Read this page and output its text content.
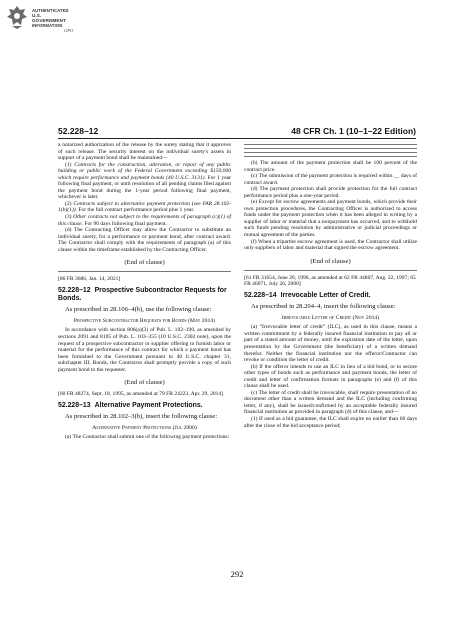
AUTHENTICATED
U.S. GOVERNMENT
INFORMATION
GPO
52.228–12	48 CFR Ch. 1 (10–1–22 Edition)

a notarized authorization of the release by the surety stating that it approves of such release. The security interest on the individual surety's assets in support of a payment bond shall be maintained—

(1) Contracts for the construction, alteration, or repair of any public building or public work of the Federal Government exceeding $150,000 which require performance and payment bonds (40 U.S.C. 3131). For 1 year following final payment, or until resolution of all pending claims filed against the payment bond during the 1-year period following final payment, whichever is later.

(2) Contracts subject to alternative payment protection (see FAR 28.102-1(b)(1)). For the full contract performance period plus 1 year.

(3) Other contracts not subject to the requirements of paragraph (c)(1) of this clause. For 90 days following final payment.

(d) The Contracting Officer may allow the Contractor to substitute an individual surety, for a performance or payment bond, after contract award. The Contractor shall comply with the requirements of paragraph (a) of this clause within the timeframe established by the Contracting Officer.

(End of clause)

[86 FR 3686, Jan. 14, 2021]

52.228–12 Prospective Subcontractor Requests for Bonds.

As prescribed in 28.106–4(b), use the following clause:

Prospective Subcontractor Requests for Bonds (May 2014)

In accordance with section 806(a)(3) of Pub. L. 102–190, as amended by sections 2091 and 8105 of Pub. L. 103–355 (10 U.S.C. 2302 note), upon the request of a prospective subcontractor or supplier offering to furnish labor or material for the performance of this contract for which a payment bond has been furnished to the Government pursuant to 40 U.S.C. chapter 31, subchapter III, Bonds, the Contractor shall promptly provide a copy of such payment bond to the requester.

(End of clause)

[60 FR 48274, Sept. 18, 1995, as amended at 79 FR 24223, Apr. 29, 2014]

52.228–13 Alternative Payment Protections.

As prescribed in 28.102–3(b), insert the following clause:

Alternative Payment Protections (Jul 2000)

(a) The Contractor shall submit one of the following payment protections:

(b) The amount of the payment protection shall be 100 percent of the contract price.

(c) The submission of the payment protection is required within __ days of contract award.

(d) The payment protection shall provide protection for the full contract performance period plus a one-year period.

(e) Except for escrow agreements and payment bonds, which provide their own protection procedures, the Contracting Officer is authorized to access funds under the payment protection when it has been alleged in writing by a supplier of labor or material that a nonpayment has occurred, and to withhold such funds pending resolution by administrative or judicial proceedings or mutual agreement of the parties.

(f) When a tripartite escrow agreement is used, the Contractor shall utilize only suppliers of labor and material that signed the escrow agreement.

(End of clause)

[61 FR 31654, June 20, 1996, as amended at 62 FR 44807, Aug. 22, 1997; 65 FR 46071, July 26, 2000]

52.228–14 Irrevocable Letter of Credit.

As prescribed in 28.204–4, insert the following clause:

Irrevocable Letter of Credit (Nov 2014)

(a) “Irrevocable letter of credit” (ILC), as used in this clause, means a written commitment by a federally insured financial institution to pay all or part of a stated amount of money, until the expiration date of the letter, upon presentation by the Government (the beneficiary) of a written demand therefor. Neither the financial institution nor the offeror/Contractor can revoke or condition the letter of credit.

(b) If the offeror intends to use an ILC in lieu of a bid bond, or to secure other types of bonds such as performance and payment bonds, the letter of credit and letter of confirmation formats in paragraphs (e) and (f) of this clause shall be used.

(c) The letter of credit shall be irrevocable, shall require presentation of no document other than a written demand and the ILC (including confirming letter, if any), shall be issued/confirmed by an acceptable federally insured financial institution as provided in paragraph (d) of this clause, and—

(1) If used as a bid guarantee, the ILC shall expire no earlier than 60 days after the close of the bid acceptance period;

292
